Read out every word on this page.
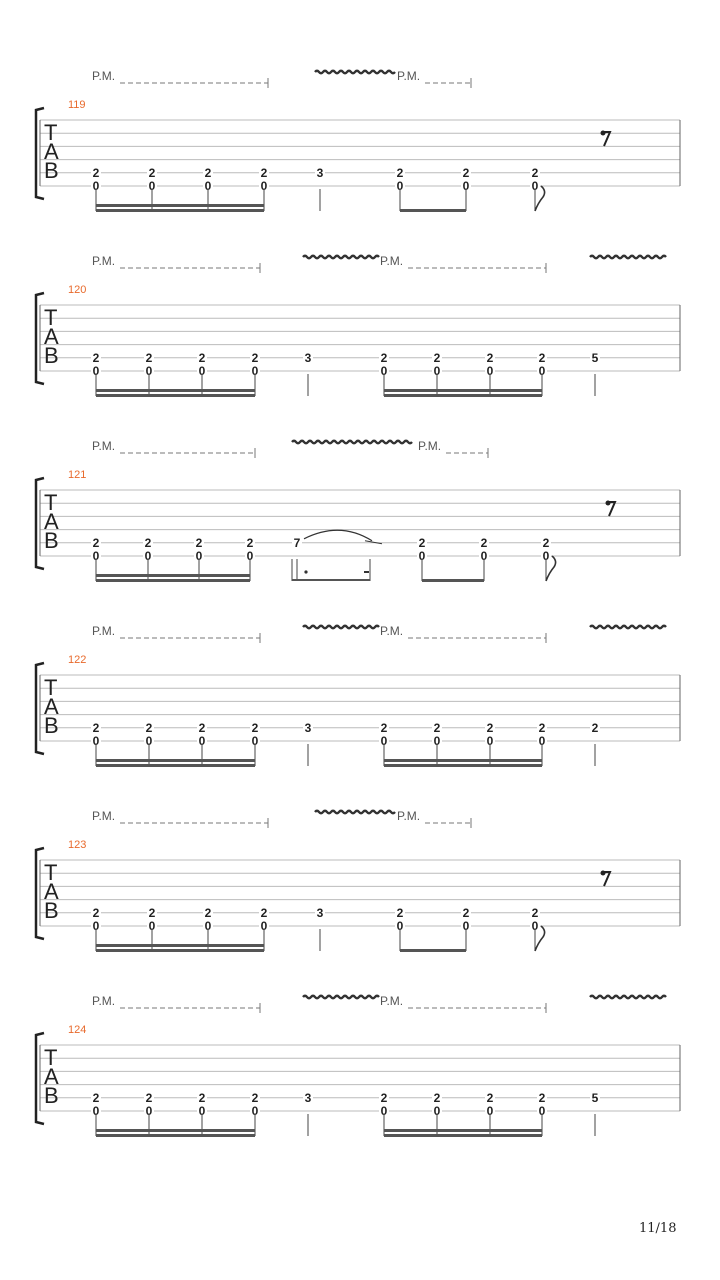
T
A
B
119
P.M.	P.M.
2
0
2
0
2
0
2
0
3	2
0
2
0
2
0
T
A
B
120
P.M.	P.M.
2
0
2
0
2
0
2
0
3	2
0
2
0
2
0
2
0
5
T
A
B
121
P.M.	P.M.
2
0
2
0
2
0
2
0
7	2
0
2
0
2
0
T
A
B
122
P.M.	P.M.
2
0
2
0
2
0
2
0
3	2
0
2
0
2
0
2
0
2
T
A
B
123
P.M.	P.M.
2
0
2
0
2
0
2
0
3	2
0
2
0
2
0
T
A
B
124
P.M.	P.M.
2
0
2
0
2
0
2
0
3	2
0
2
0
2
0
2
0
5
11/18
